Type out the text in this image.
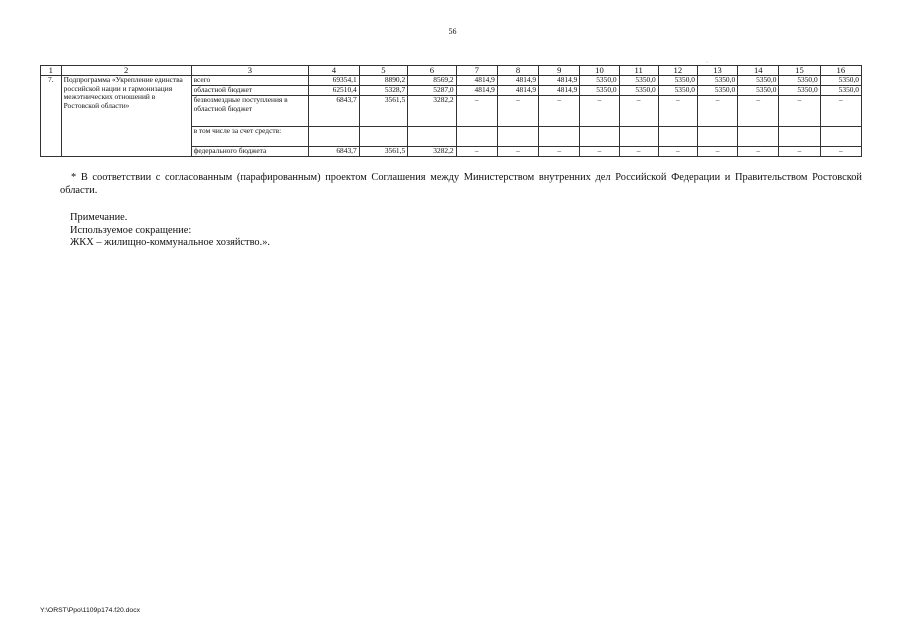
56
·
1	2	3	4	5	6	7	8	9	10	11	12	13	14	15	16
7.	Подпрограмма «Укрепление единства российской нации и гармонизация межэтнических отношений в Ростовской области»	всего	69354,1	8890,2	8569,2	4814,9	4814,9	4814,9	5350,0	5350,0	5350,0	5350,0	5350,0	5350,0	5350,0
		областной бюджет	62510,4	5328,7	5287,0	4814,9	4814,9	4814,9	5350,0	5350,0	5350,0	5350,0	5350,0	5350,0	5350,0
		безвозмездные поступления в областной бюджет	6843,7	3561,5	3282,2	–	–	–	–	–	–	–	–	–	–
		в том числе за счет средств:													
		федерального бюджета	6843,7	3561,5	3282,2	–	–	–	–	–	–	–	–	–	–
* В соответствии с согласованным (парафированным) проектом Соглашения между Министерством внутренних дел Российской Федерации и Правительством Ростовской области.
Примечание.
Используемое сокращение:
ЖКХ – жилищно-коммунальное хозяйство.».
Y:\ORST\Ppo\1109p174.f20.docx
